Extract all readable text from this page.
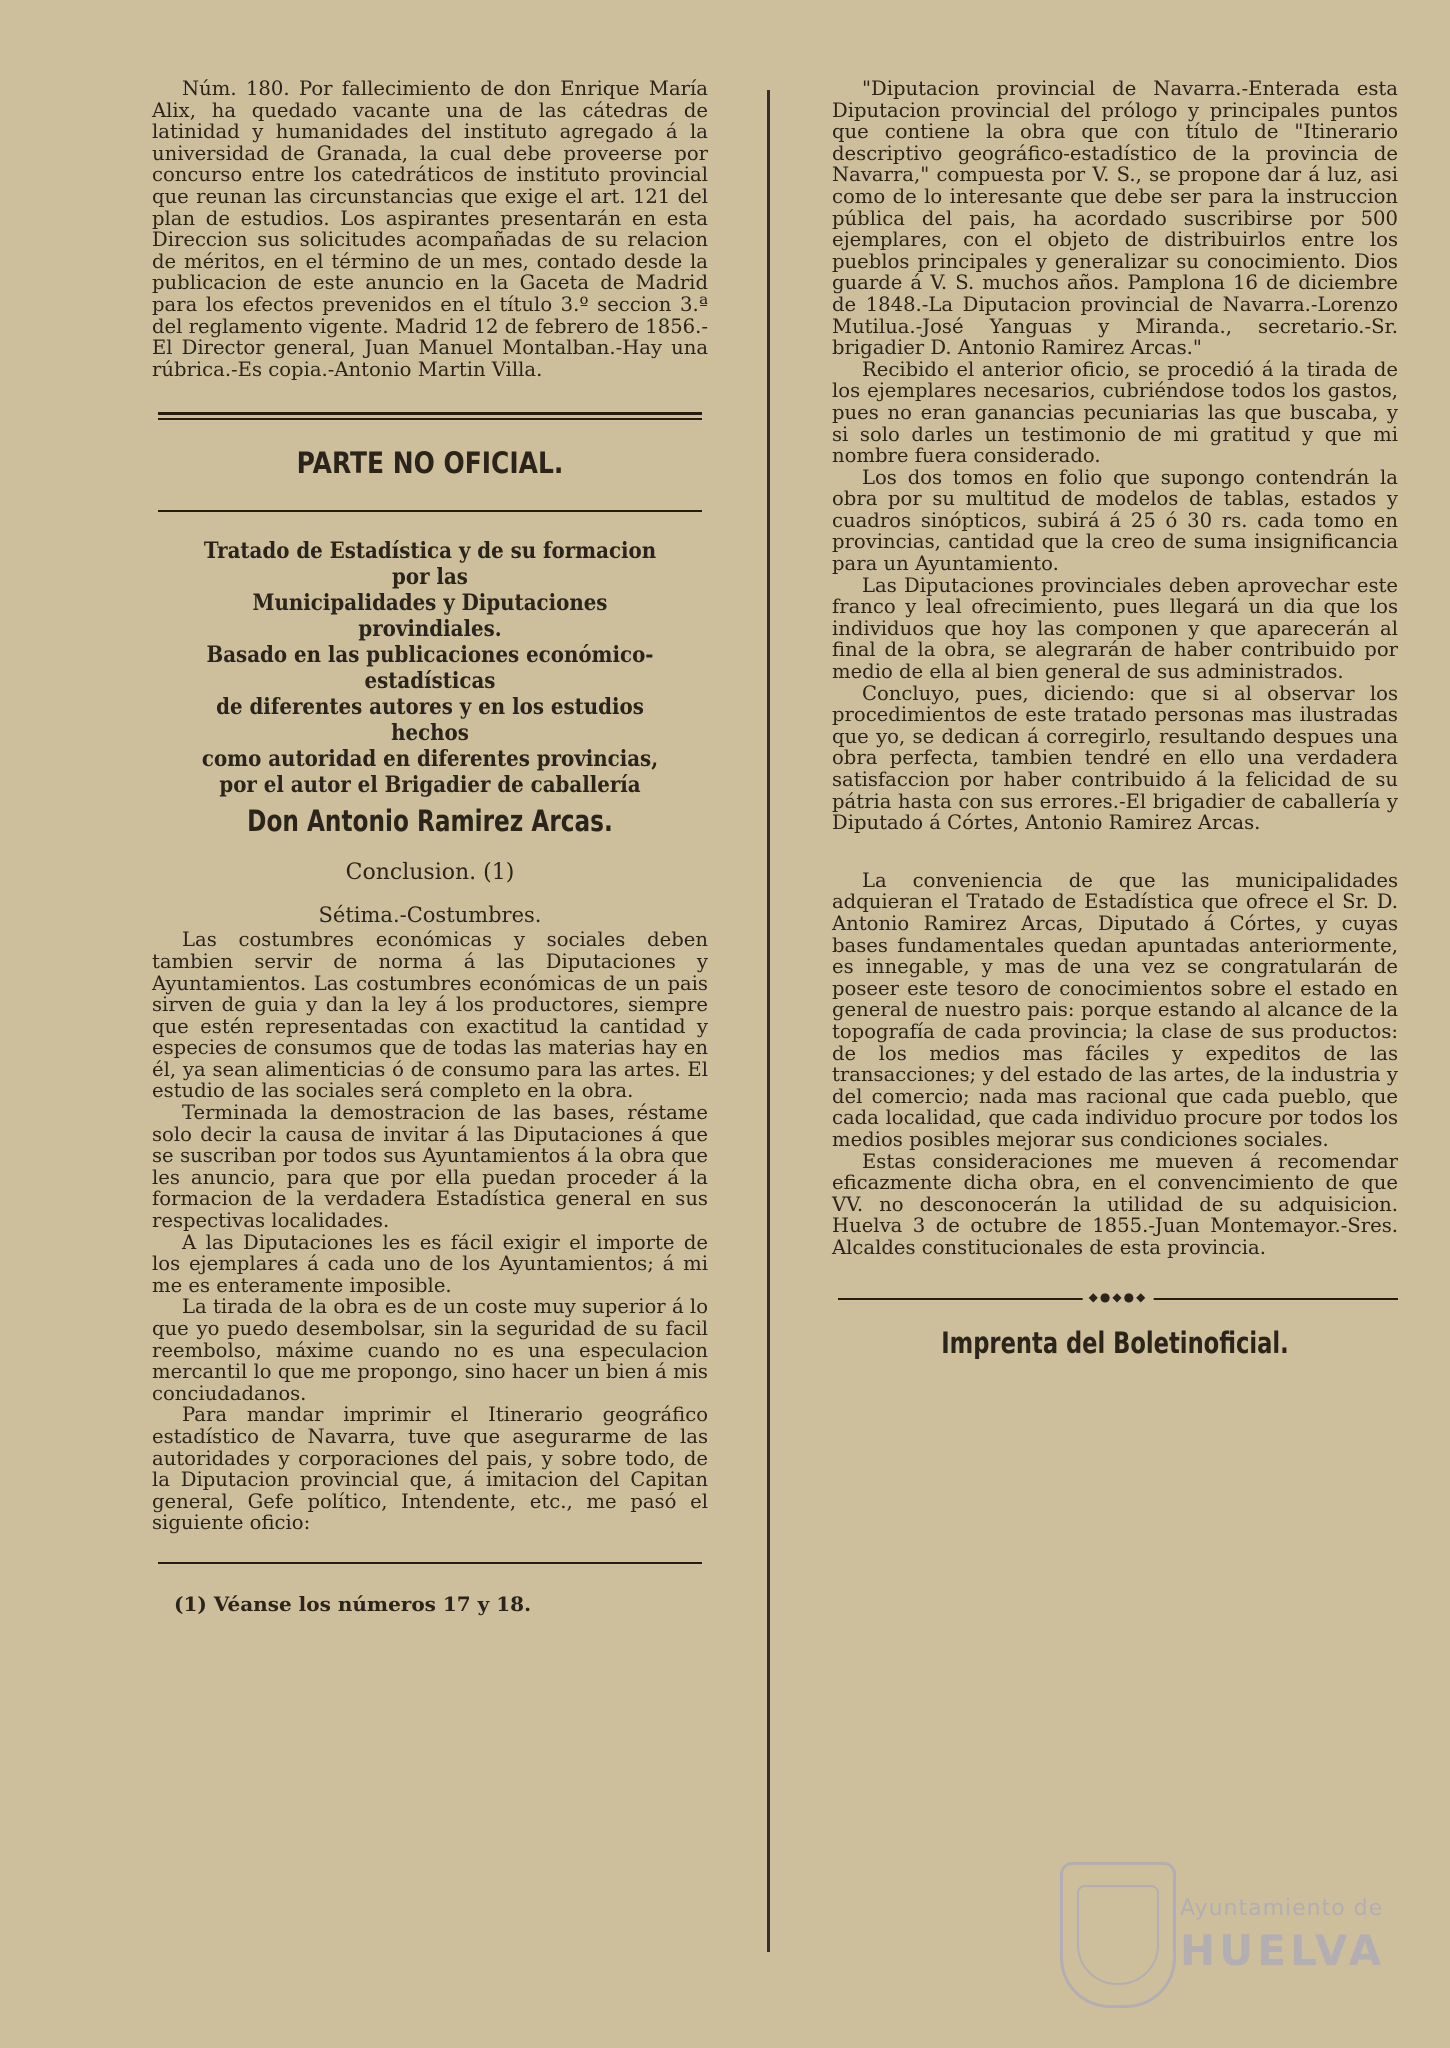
Núm. 180. Por fallecimiento de don Enrique María Alix, ha quedado vacante una de las cátedras de latinidad y humanidades del instituto agregado á la universidad de Granada, la cual debe proveerse por concurso entre los catedráticos de instituto provincial que reunan las circunstancias que exige el art. 121 del plan de estudios. Los aspirantes presentarán en esta Direccion sus solicitudes acompañadas de su relacion de méritos, en el término de un mes, contado desde la publicacion de este anuncio en la Gaceta de Madrid para los efectos prevenidos en el título 3.º seccion 3.ª del reglamento vigente. Madrid 12 de febrero de 1856.-El Director general, Juan Manuel Montalban.-Hay una rúbrica.-Es copia.-Antonio Martin Villa.

PARTE NO OFICIAL.
Tratado de Estadística y de su formacion por las
Municipalidades y Diputaciones provindiales.
Basado en las publicaciones económico-estadísticas
de diferentes autores y en los estudios hechos
como autoridad en diferentes provincias,
por el autor el Brigadier de caballería
Don Antonio Ramirez Arcas.
Conclusion. (1)
Sétima.-Costumbres.

Las costumbres económicas y sociales deben tambien servir de norma á las Diputaciones y Ayuntamientos. Las costumbres económicas de un pais sirven de guia y dan la ley á los productores, siempre que estén representadas con exactitud la cantidad y especies de consumos que de todas las materias hay en él, ya sean alimenticias ó de consumo para las artes. El estudio de las sociales será completo en la obra.

Terminada la demostracion de las bases, réstame solo decir la causa de invitar á las Diputaciones á que se suscriban por todos sus Ayuntamientos á la obra que les anuncio, para que por ella puedan proceder á la formacion de la verdadera Estadística general en sus respectivas localidades.

A las Diputaciones les es fácil exigir el importe de los ejemplares á cada uno de los Ayuntamientos; á mi me es enteramente imposible.

La tirada de la obra es de un coste muy superior á lo que yo puedo desembolsar, sin la seguridad de su facil reembolso, máxime cuando no es una especulacion mercantil lo que me propongo, sino hacer un bien á mis conciudadanos.

Para mandar imprimir el Itinerario geográfico estadístico de Navarra, tuve que asegurarme de las autoridades y corporaciones del pais, y sobre todo, de la Diputacion provincial que, á imitacion del Capitan general, Gefe político, Intendente, etc., me pasó el siguiente oficio:

(1) Véanse los números 17 y 18.

"Diputacion provincial de Navarra.-Enterada esta Diputacion provincial del prólogo y principales puntos que contiene la obra que con título de "Itinerario descriptivo geográfico-estadístico de la provincia de Navarra," compuesta por V. S., se propone dar á luz, asi como de lo interesante que debe ser para la instruccion pública del pais, ha acordado suscribirse por 500 ejemplares, con el objeto de distribuirlos entre los pueblos principales y generalizar su conocimiento. Dios guarde á V. S. muchos años. Pamplona 16 de diciembre de 1848.-La Diputacion provincial de Navarra.-Lorenzo Mutilua.-José Yanguas y Miranda., secretario.-Sr. brigadier D. Antonio Ramirez Arcas."

Recibido el anterior oficio, se procedió á la tirada de los ejemplares necesarios, cubriéndose todos los gastos, pues no eran ganancias pecuniarias las que buscaba, y si solo darles un testimonio de mi gratitud y que mi nombre fuera considerado.

Los dos tomos en folio que supongo contendrán la obra por su multitud de modelos de tablas, estados y cuadros sinópticos, subirá á 25 ó 30 rs. cada tomo en provincias, cantidad que la creo de suma insignificancia para un Ayuntamiento.

Las Diputaciones provinciales deben aprovechar este franco y leal ofrecimiento, pues llegará un dia que los individuos que hoy las componen y que aparecerán al final de la obra, se alegrarán de haber contribuido por medio de ella al bien general de sus administrados.

Concluyo, pues, diciendo: que si al observar los procedimientos de este tratado personas mas ilustradas que yo, se dedican á corregirlo, resultando despues una obra perfecta, tambien tendré en ello una verdadera satisfaccion por haber contribuido á la felicidad de su pátria hasta con sus errores.-El brigadier de caballería y Diputado á Córtes, Antonio Ramirez Arcas.

La conveniencia de que las municipalidades adquieran el Tratado de Estadística que ofrece el Sr. D. Antonio Ramirez Arcas, Diputado á Córtes, y cuyas bases fundamentales quedan apuntadas anteriormente, es innegable, y mas de una vez se congratularán de poseer este tesoro de conocimientos sobre el estado en general de nuestro pais: porque estando al alcance de la topografía de cada provincia; la clase de sus productos: de los medios mas fáciles y expeditos de las transacciones; y del estado de las artes, de la industria y del comercio; nada mas racional que cada pueblo, que cada localidad, que cada individuo procure por todos los medios posibles mejorar sus condiciones sociales.

Estas consideraciones me mueven á recomendar eficazmente dicha obra, en el convencimiento de que VV. no desconocerán la utilidad de su adquisicion. Huelva 3 de octubre de 1855.-Juan Montemayor.-Sres. Alcaldes constitucionales de esta provincia.

◆●◆●◆
Imprenta del Boletinoficial.
Ayuntamiento de
HUELVA
